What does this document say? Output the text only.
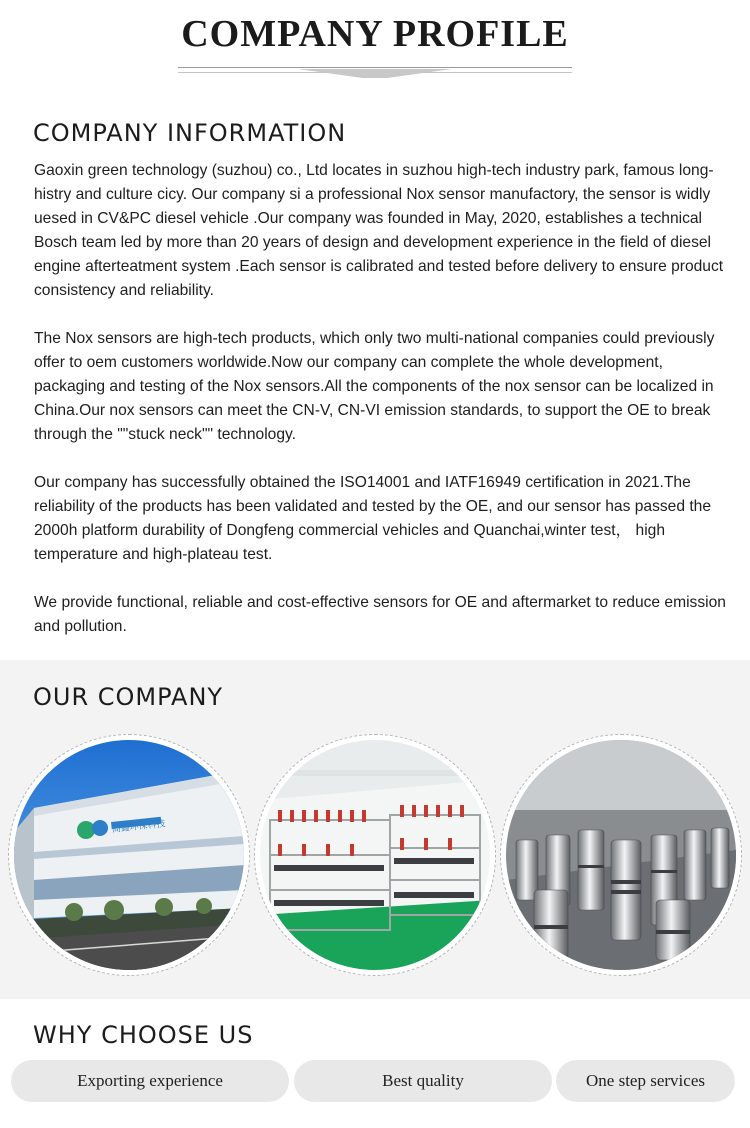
COMPANY PROFILE
COMPANY INFORMATION

Gaoxin green technology (suzhou) co., Ltd locates in suzhou high-tech industry park, famous long-histry and culture cicy. Our company si a professional Nox sensor manufactory, the sensor is widly uesed in CV&PC diesel vehicle .Our company was founded in May, 2020, establishes a technical Bosch team led by more than 20 years of design and development experience in the field of diesel engine afterteatment system .Each sensor is calibrated and tested before delivery to ensure product consistency and reliability.

The Nox sensors are high-tech products, which only two multi-national companies could previously offer to oem customers worldwide.Now our company can complete the whole development, packaging and testing of the Nox sensors.All the components of the nox sensor can be localized in China.Our nox sensors can meet the CN-V, CN-VI emission standards, to support the OE to break through the ""stuck neck"" technology.

Our company has successfully obtained the ISO14001 and IATF16949 certification in 2021.The reliability of the products has been validated and tested by the OE, and our sensor has passed the 2000h platform durability of Dongfeng commercial vehicles and Quanchai,winter test， high temperature and high-plateau test.

We provide functional, reliable and cost-effective sensors for OE and aftermarket to reduce emission and pollution.

OUR COMPANY
高鑫环保科技
WHY CHOOSE US
Exporting experience	Best quality	One step services
